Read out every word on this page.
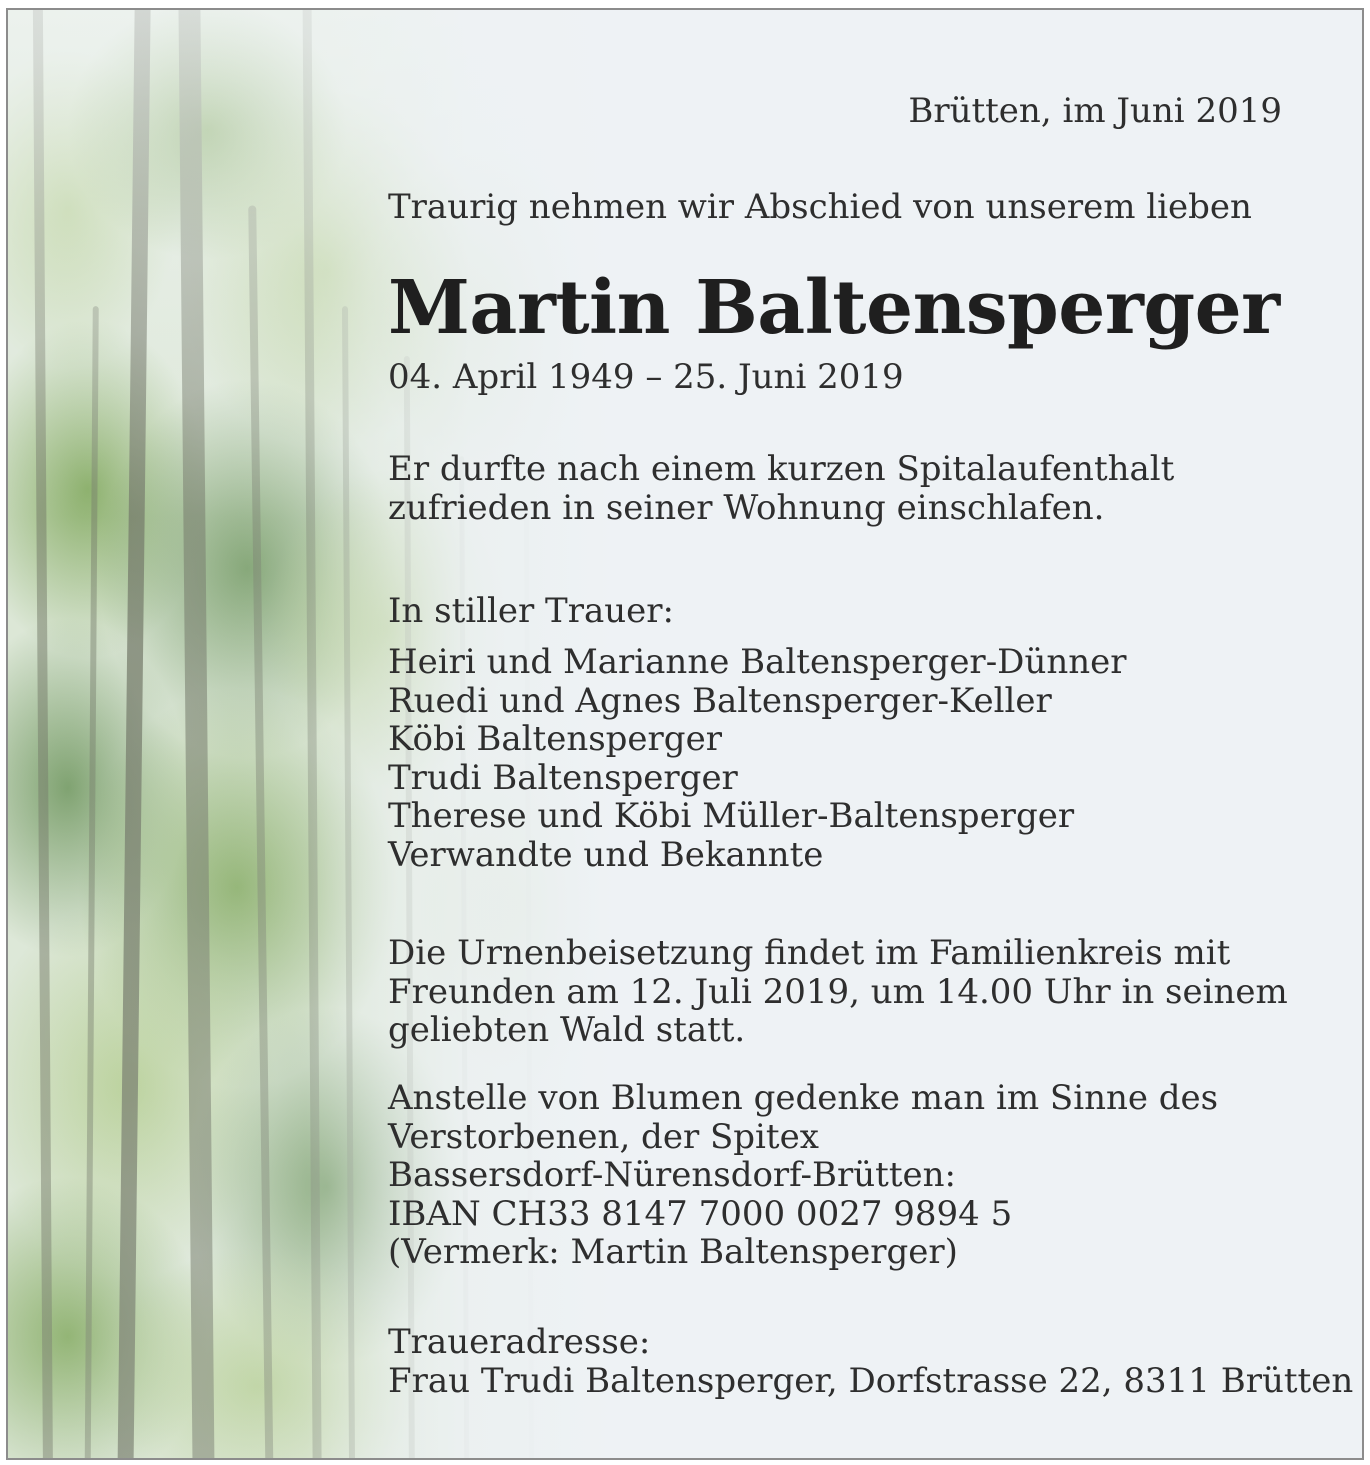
Brütten, im Juni 2019
Traurig nehmen wir Abschied von unserem lieben
Martin Baltensperger
04. April 1949 – 25. Juni 2019
Er durfte nach einem kurzen Spitalaufenthalt
zufrieden in seiner Wohnung einschlafen.
In stiller Trauer:
Heiri und Marianne Baltensperger-Dünner
Ruedi und Agnes Baltensperger-Keller
Köbi Baltensperger
Trudi Baltensperger
Therese und Köbi Müller-Baltensperger
Verwandte und Bekannte
Die Urnenbeisetzung findet im Familienkreis mit
Freunden am 12. Juli 2019, um 14.00 Uhr in seinem
geliebten Wald statt.
Anstelle von Blumen gedenke man im Sinne des
Verstorbenen, der Spitex
Bassersdorf-Nürensdorf-Brütten:
IBAN CH33 8147 7000 0027 9894 5
(Vermerk: Martin Baltensperger)
Traueradresse:
Frau Trudi Baltensperger, Dorfstrasse 22, 8311 Brütten
